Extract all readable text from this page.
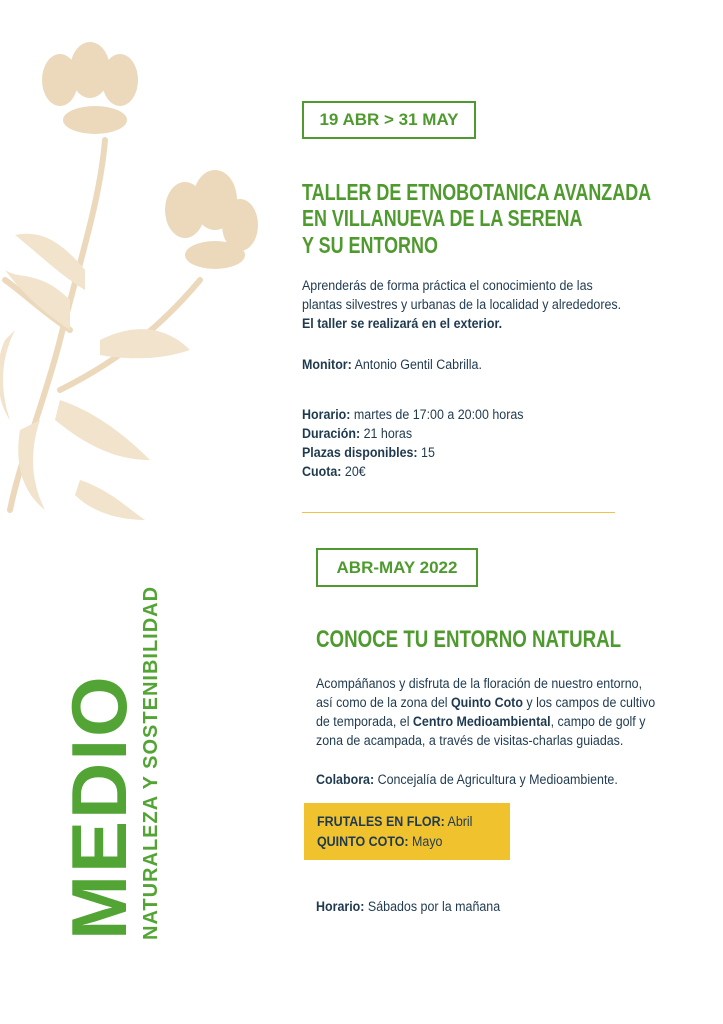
19 ABR > 31 MAY
TALLER DE ETNOBOTANICA AVANZADA
EN VILLANUEVA DE LA SERENA
Y SU ENTORNO
Aprenderás de forma práctica el conocimiento de las
plantas silvestres y urbanas de la localidad y alrededores.
El taller se realizará en el exterior.
Monitor: Antonio Gentil Cabrilla.
Horario: martes de 17:00 a 20:00 horas
Duración: 21 horas
Plazas disponibles: 15
Cuota: 20€
ABR-MAY 2022
CONOCE TU ENTORNO NATURAL
Acompáñanos y disfruta de la floración de nuestro entorno,
así como de la zona del Quinto Coto y los campos de cultivo
de temporada, el Centro Medioambiental, campo de golf y
zona de acampada, a través de visitas-charlas guiadas.
Colabora: Concejalía de Agricultura y Medioambiente.
FRUTALES EN FLOR: Abril
QUINTO COTO: Mayo
Horario: Sábados por la mañana
MEDIO
NATURALEZA Y SOSTENIBILIDAD
